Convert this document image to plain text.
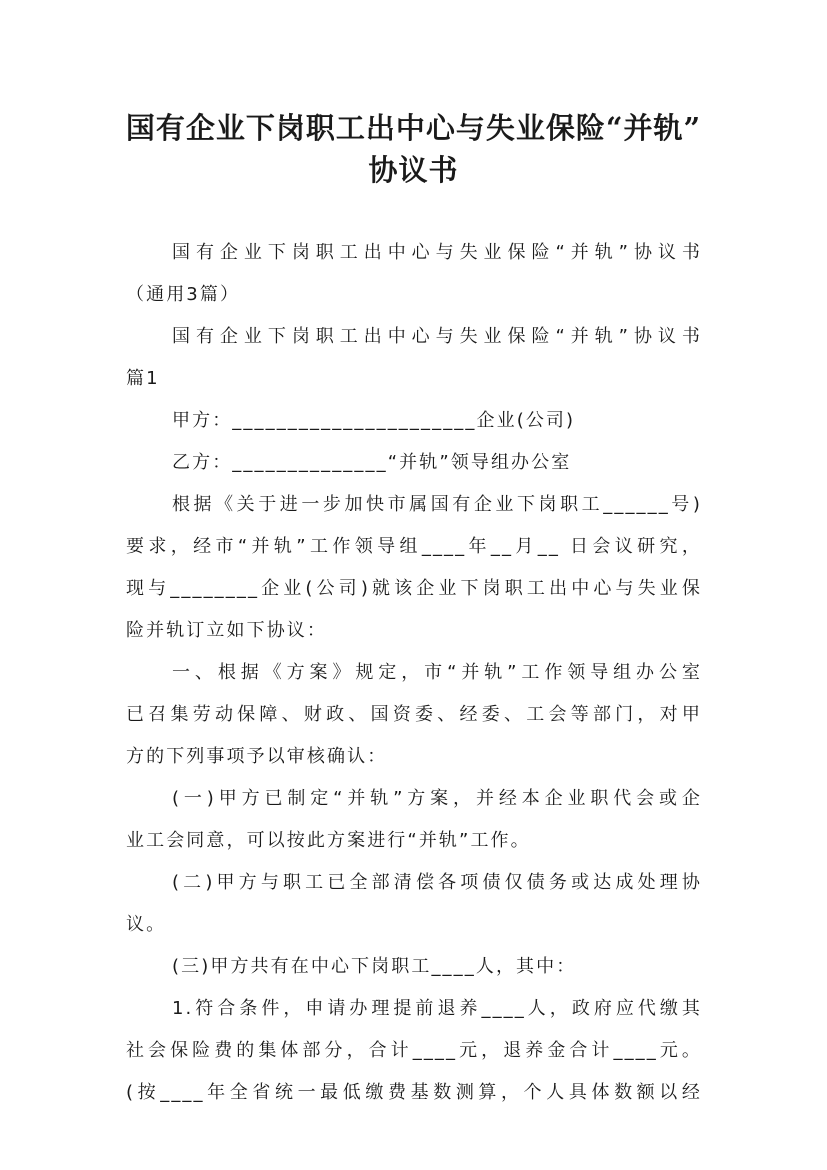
国有企业下岗职工出中心与失业保险“并轨”
协议书
国有企业下岗职工出中心与失业保险“并轨”协议书
（通用3篇）
国有企业下岗职工出中心与失业保险“并轨”协议书
篇1
甲方：______________________企业(公司)
乙方：______________“并轨”领导组办公室
根据《关于进一步加快市属国有企业下岗职工______号)
要求，经市“并轨”工作领导组____年__月__ 日会议研究，
现与________企业(公司)就该企业下岗职工出中心与失业保
险并轨订立如下协议：
一、根据《方案》规定，市“并轨”工作领导组办公室
已召集劳动保障、财政、国资委、经委、工会等部门，对甲
方的下列事项予以审核确认：
(一)甲方已制定“并轨”方案，并经本企业职代会或企
业工会同意，可以按此方案进行“并轨”工作。
(二)甲方与职工已全部清偿各项债仅债务或达成处理协
议。
(三)甲方共有在中心下岗职工____人，其中：
1.符合条件，申请办理提前退养____人，政府应代缴其
社会保险费的集体部分，合计____元，退养金合计____元。
(按____年全省统一最低缴费基数测算，个人具体数额以经
